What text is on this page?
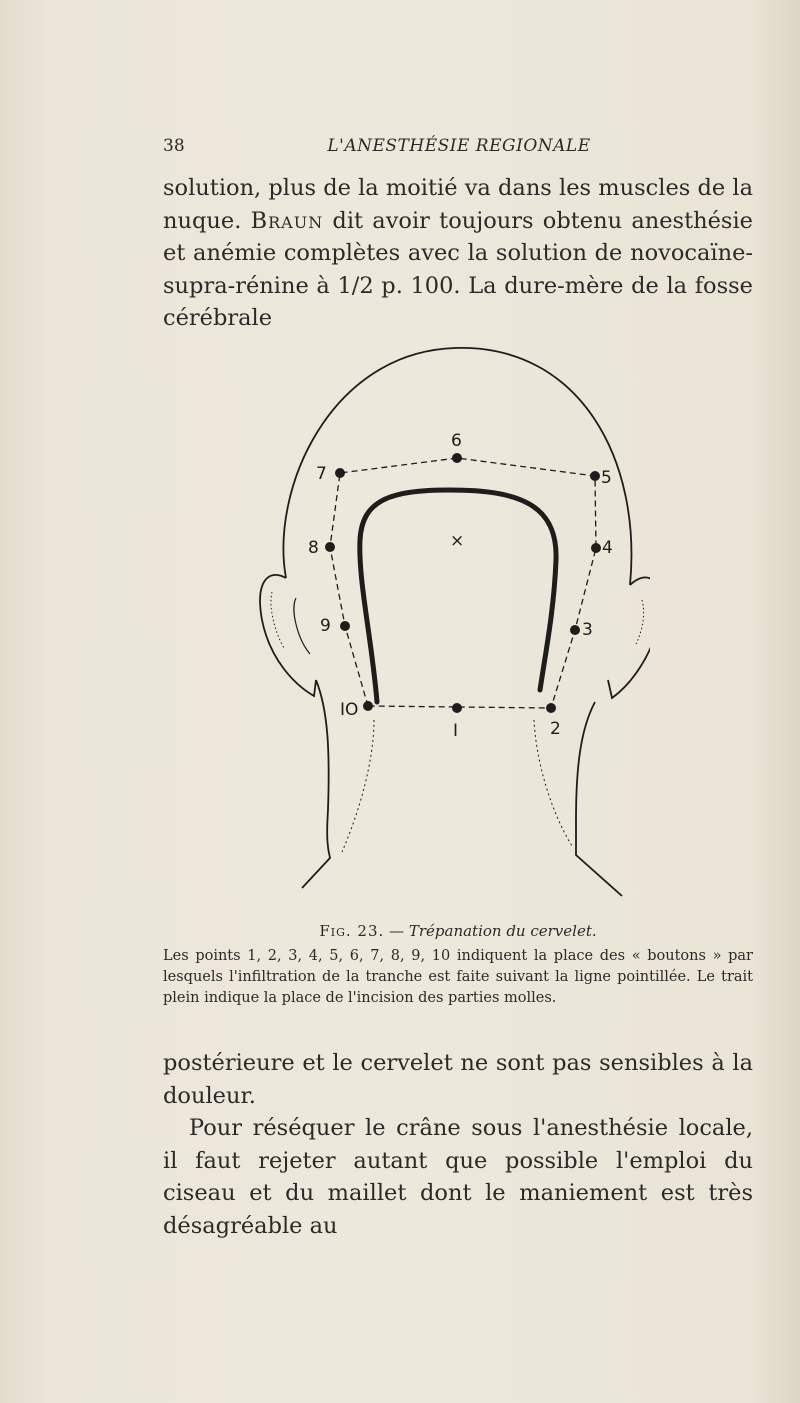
38	L'ANESTHÉSIE REGIONALE

solution, plus de la moitié va dans les muscles de la nuque. Braun dit avoir toujours obtenu anesthésie et anémie complètes avec la solution de novocaïne-supra-rénine à 1/2 p. 100. La dure-mère de la fosse cérébrale

I	2
3
4
5
6
7
8
9
IO
×
Fig. 23. — Trépanation du cervelet.

Les points 1, 2, 3, 4, 5, 6, 7, 8, 9, 10 indiquent la place des « boutons » par lesquels l'infiltration de la tranche est faite suivant la ligne pointillée. Le trait plein indique la place de l'incision des parties molles.

postérieure et le cervelet ne sont pas sensibles à la douleur.

Pour réséquer le crâne sous l'anesthésie locale, il faut rejeter autant que possible l'emploi du ciseau et du maillet dont le maniement est très désagréable au
